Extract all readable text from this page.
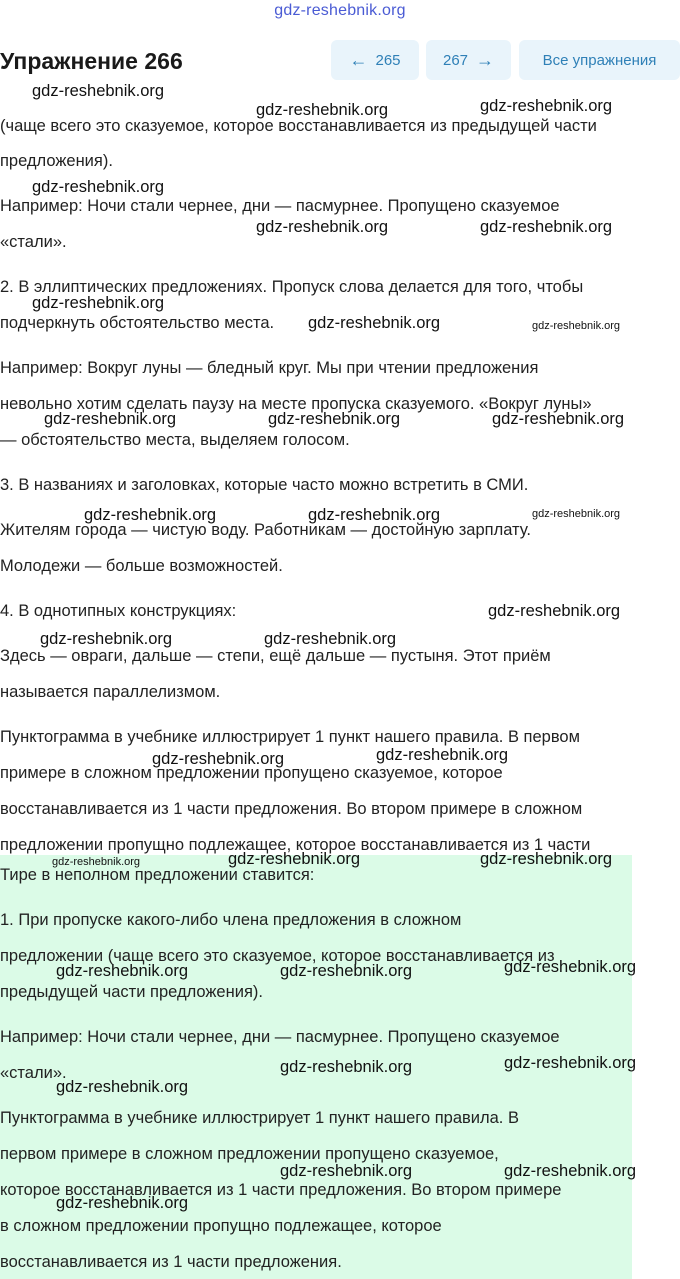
gdz-reshebnik.org
Упражнение 266	← 265	267 →	Все упражнения
(чаще всего это сказуемое, которое восстанавливается из предыдущей части
предложения).
Например: Ночи стали чернее, дни — пасмурнее. Пропущено сказуемое
«стали».
2. В эллиптических предложениях. Пропуск слова делается для того, чтобы
подчеркнуть обстоятельство места.
Например: Вокруг луны — бледный круг. Мы при чтении предложения
невольно хотим сделать паузу на месте пропуска сказуемого. «Вокруг луны»
— обстоятельство места, выделяем голосом.
3. В названиях и заголовках, которые часто можно встретить в СМИ.
Жителям города — чистую воду. Работникам — достойную зарплату.
Молодежи — больше возможностей.
4. В однотипных конструкциях:
Здесь — овраги, дальше — степи, ещё дальше — пустыня. Этот приём
называется параллелизмом.
Пунктограмма в учебнике иллюстрирует 1 пункт нашего правила. В первом
примере в сложном предложении пропущено сказуемое, которое
восстанавливается из 1 части предложения. Во втором примере в сложном
предложении пропущно подлежащее, которое восстанавливается из 1 части
Тире в неполном предложении ставится:
1. При пропуске какого-либо члена предложения в сложном
предложении (чаще всего это сказуемое, которое восстанавливается из
предыдущей части предложения).
Например: Ночи стали чернее, дни — пасмурнее. Пропущено сказуемое
«стали».
Пунктограмма в учебнике иллюстрирует 1 пункт нашего правила. В
первом примере в сложном предложении пропущено сказуемое,
которое восстанавливается из 1 части предложения. Во втором примере
в сложном предложении пропущно подлежащее, которое
восстанавливается из 1 части предложения.
gdz-reshebnik.org
gdz-reshebnik.org	gdz-reshebnik.org
gdz-reshebnik.org
gdz-reshebnik.org	gdz-reshebnik.org
gdz-reshebnik.org
gdz-reshebnik.org	gdz-reshebnik.org
gdz-reshebnik.org	gdz-reshebnik.org	gdz-reshebnik.org
gdz-reshebnik.org	gdz-reshebnik.org	gdz-reshebnik.org
gdz-reshebnik.org
gdz-reshebnik.org	gdz-reshebnik.org
gdz-reshebnik.org	gdz-reshebnik.org
gdz-reshebnik.org	gdz-reshebnik.org	gdz-reshebnik.org
gdz-reshebnik.org	gdz-reshebnik.org	gdz-reshebnik.org
gdz-reshebnik.org
gdz-reshebnik.org
gdz-reshebnik.org
gdz-reshebnik.org	gdz-reshebnik.org
gdz-reshebnik.org
